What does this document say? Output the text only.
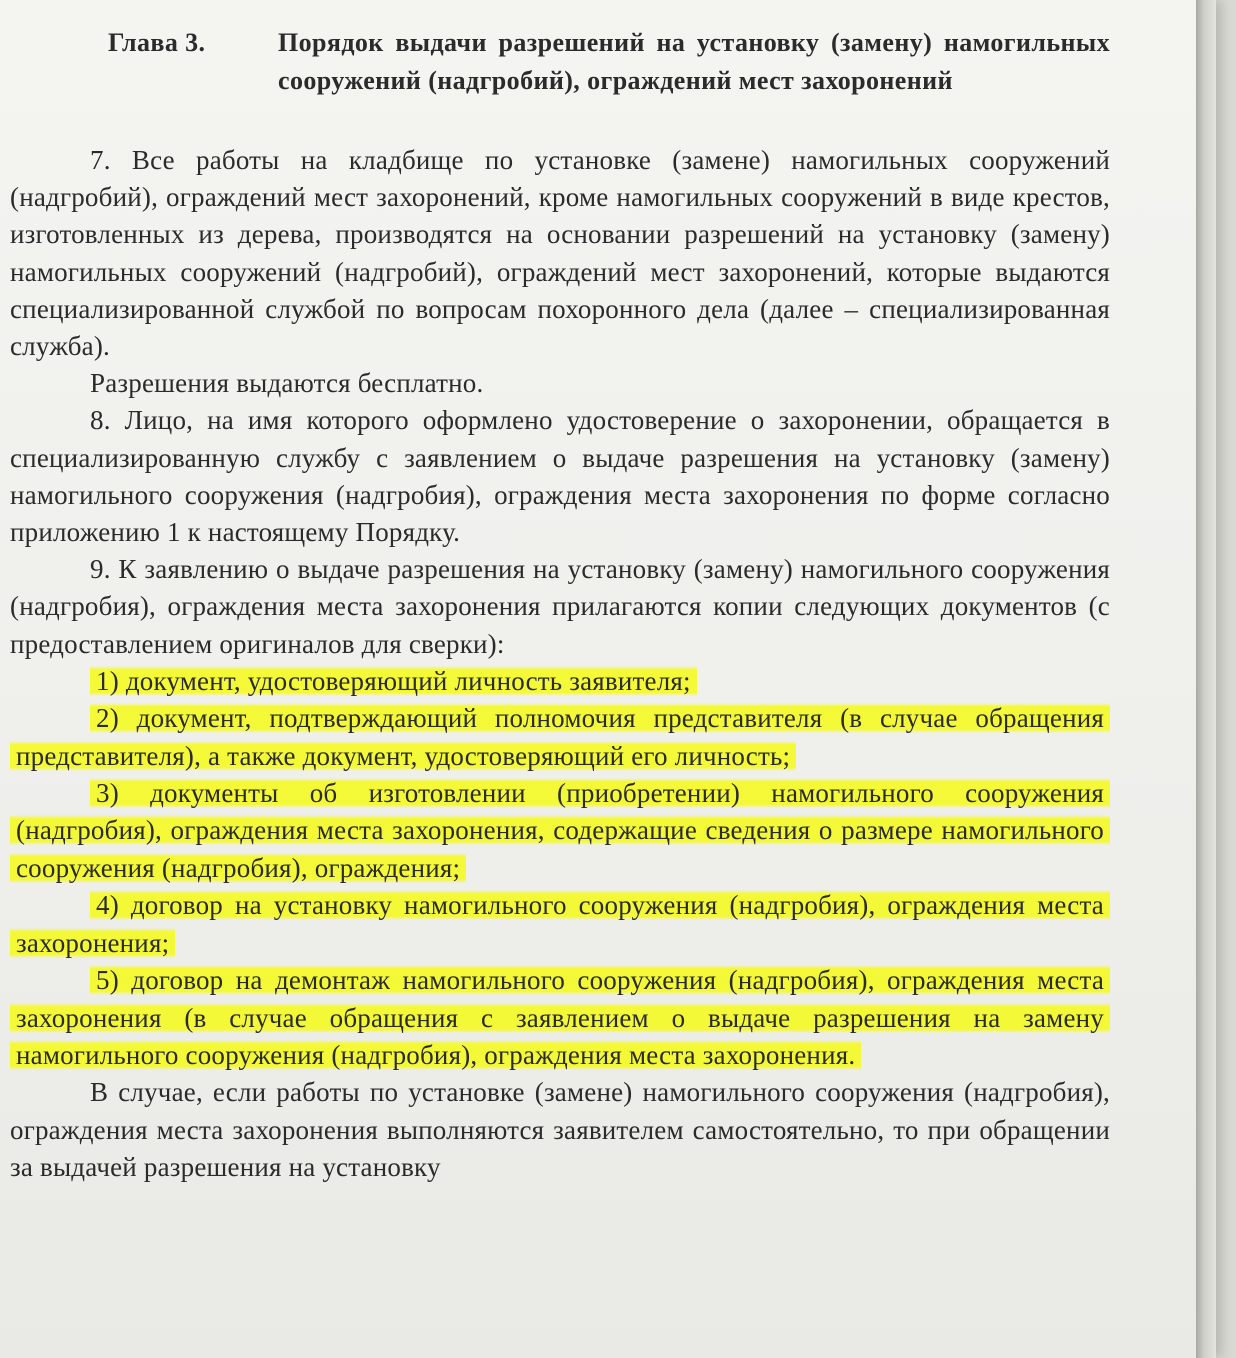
Глава 3.	Порядок выдачи разрешений на установку (замену) намогильных сооружений (надгробий), ограждений мест захоронений

7. Все работы на кладбище по установке (замене) намогильных сооружений (надгробий), ограждений мест захоронений, кроме намогильных сооружений в виде крестов, изготовленных из дерева, производятся на основании разрешений на установку (замену) намогильных сооружений (надгробий), ограждений мест захоронений, которые выдаются специализированной службой по вопросам похоронного дела (далее – специализированная служба).

Разрешения выдаются бесплатно.

8. Лицо, на имя которого оформлено удостоверение о захоронении, обращается в специализированную службу с заявлением о выдаче разрешения на установку (замену) намогильного сооружения (надгробия), ограждения места захоронения по форме согласно приложению 1 к настоящему Порядку.

9. К заявлению о выдаче разрешения на установку (замену) намогильного сооружения (надгробия), ограждения места захоронения прилагаются копии следующих документов (с предоставлением оригиналов для сверки):

1) документ, удостоверяющий личность заявителя;

2) документ, подтверждающий полномочия представителя (в случае обращения представителя), а также документ, удостоверяющий его личность;

3) документы об изготовлении (приобретении) намогильного сооружения (надгробия), ограждения места захоронения, содержащие сведения о размере намогильного сооружения (надгробия), ограждения;

4) договор на установку намогильного сооружения (надгробия), ограждения места захоронения;

5) договор на демонтаж намогильного сооружения (надгробия), ограждения места захоронения (в случае обращения с заявлением о выдаче разрешения на замену намогильного сооружения (надгробия), ограждения места захоронения.

В случае, если работы по установке (замене) намогильного сооружения (надгробия), ограждения места захоронения выполняются заявителем самостоятельно, то при обращении за выдачей разрешения на установку
